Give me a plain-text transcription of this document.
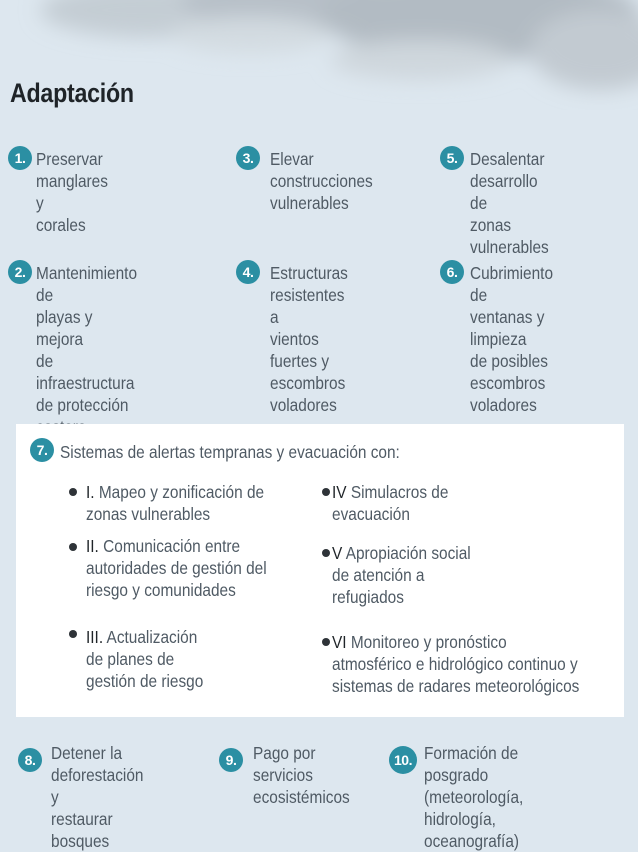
Adaptación
1. Preservar
manglares y
corales
2. Mantenimiento de
playas y mejora
de infraestructura
de protección

3. Elevar
construcciones
vulnerables
4. Estructuras
resistentes a
vientos fuertes y
escombros
voladores
5. Desalentar
desarrollo de
zonas vulnerables
6. Cubrimiento de
ventanas y limpieza
de posibles
escombros
voladores
7. Sistemas de alertas tempranas y evacuación con:
I. Mapeo y zonificación de
zonas vulnerables
II. Comunicación entre
autoridades de gestión del
riesgo y comunidades
III. Actualización
de planes de
gestión de riesgo
IV Simulacros de
evacuación
V Apropiación social
de atención a
refugiados
VI Monitoreo y pronóstico
atmosférico e hidrológico continuo y
sistemas de radares meteorológicos
8. Detener la
deforestación y
restaurar bosques
9. Pago por
servicios
ecosistémicos
10. Formación de posgrado
(meteorología, hidrología,
oceanografía)
